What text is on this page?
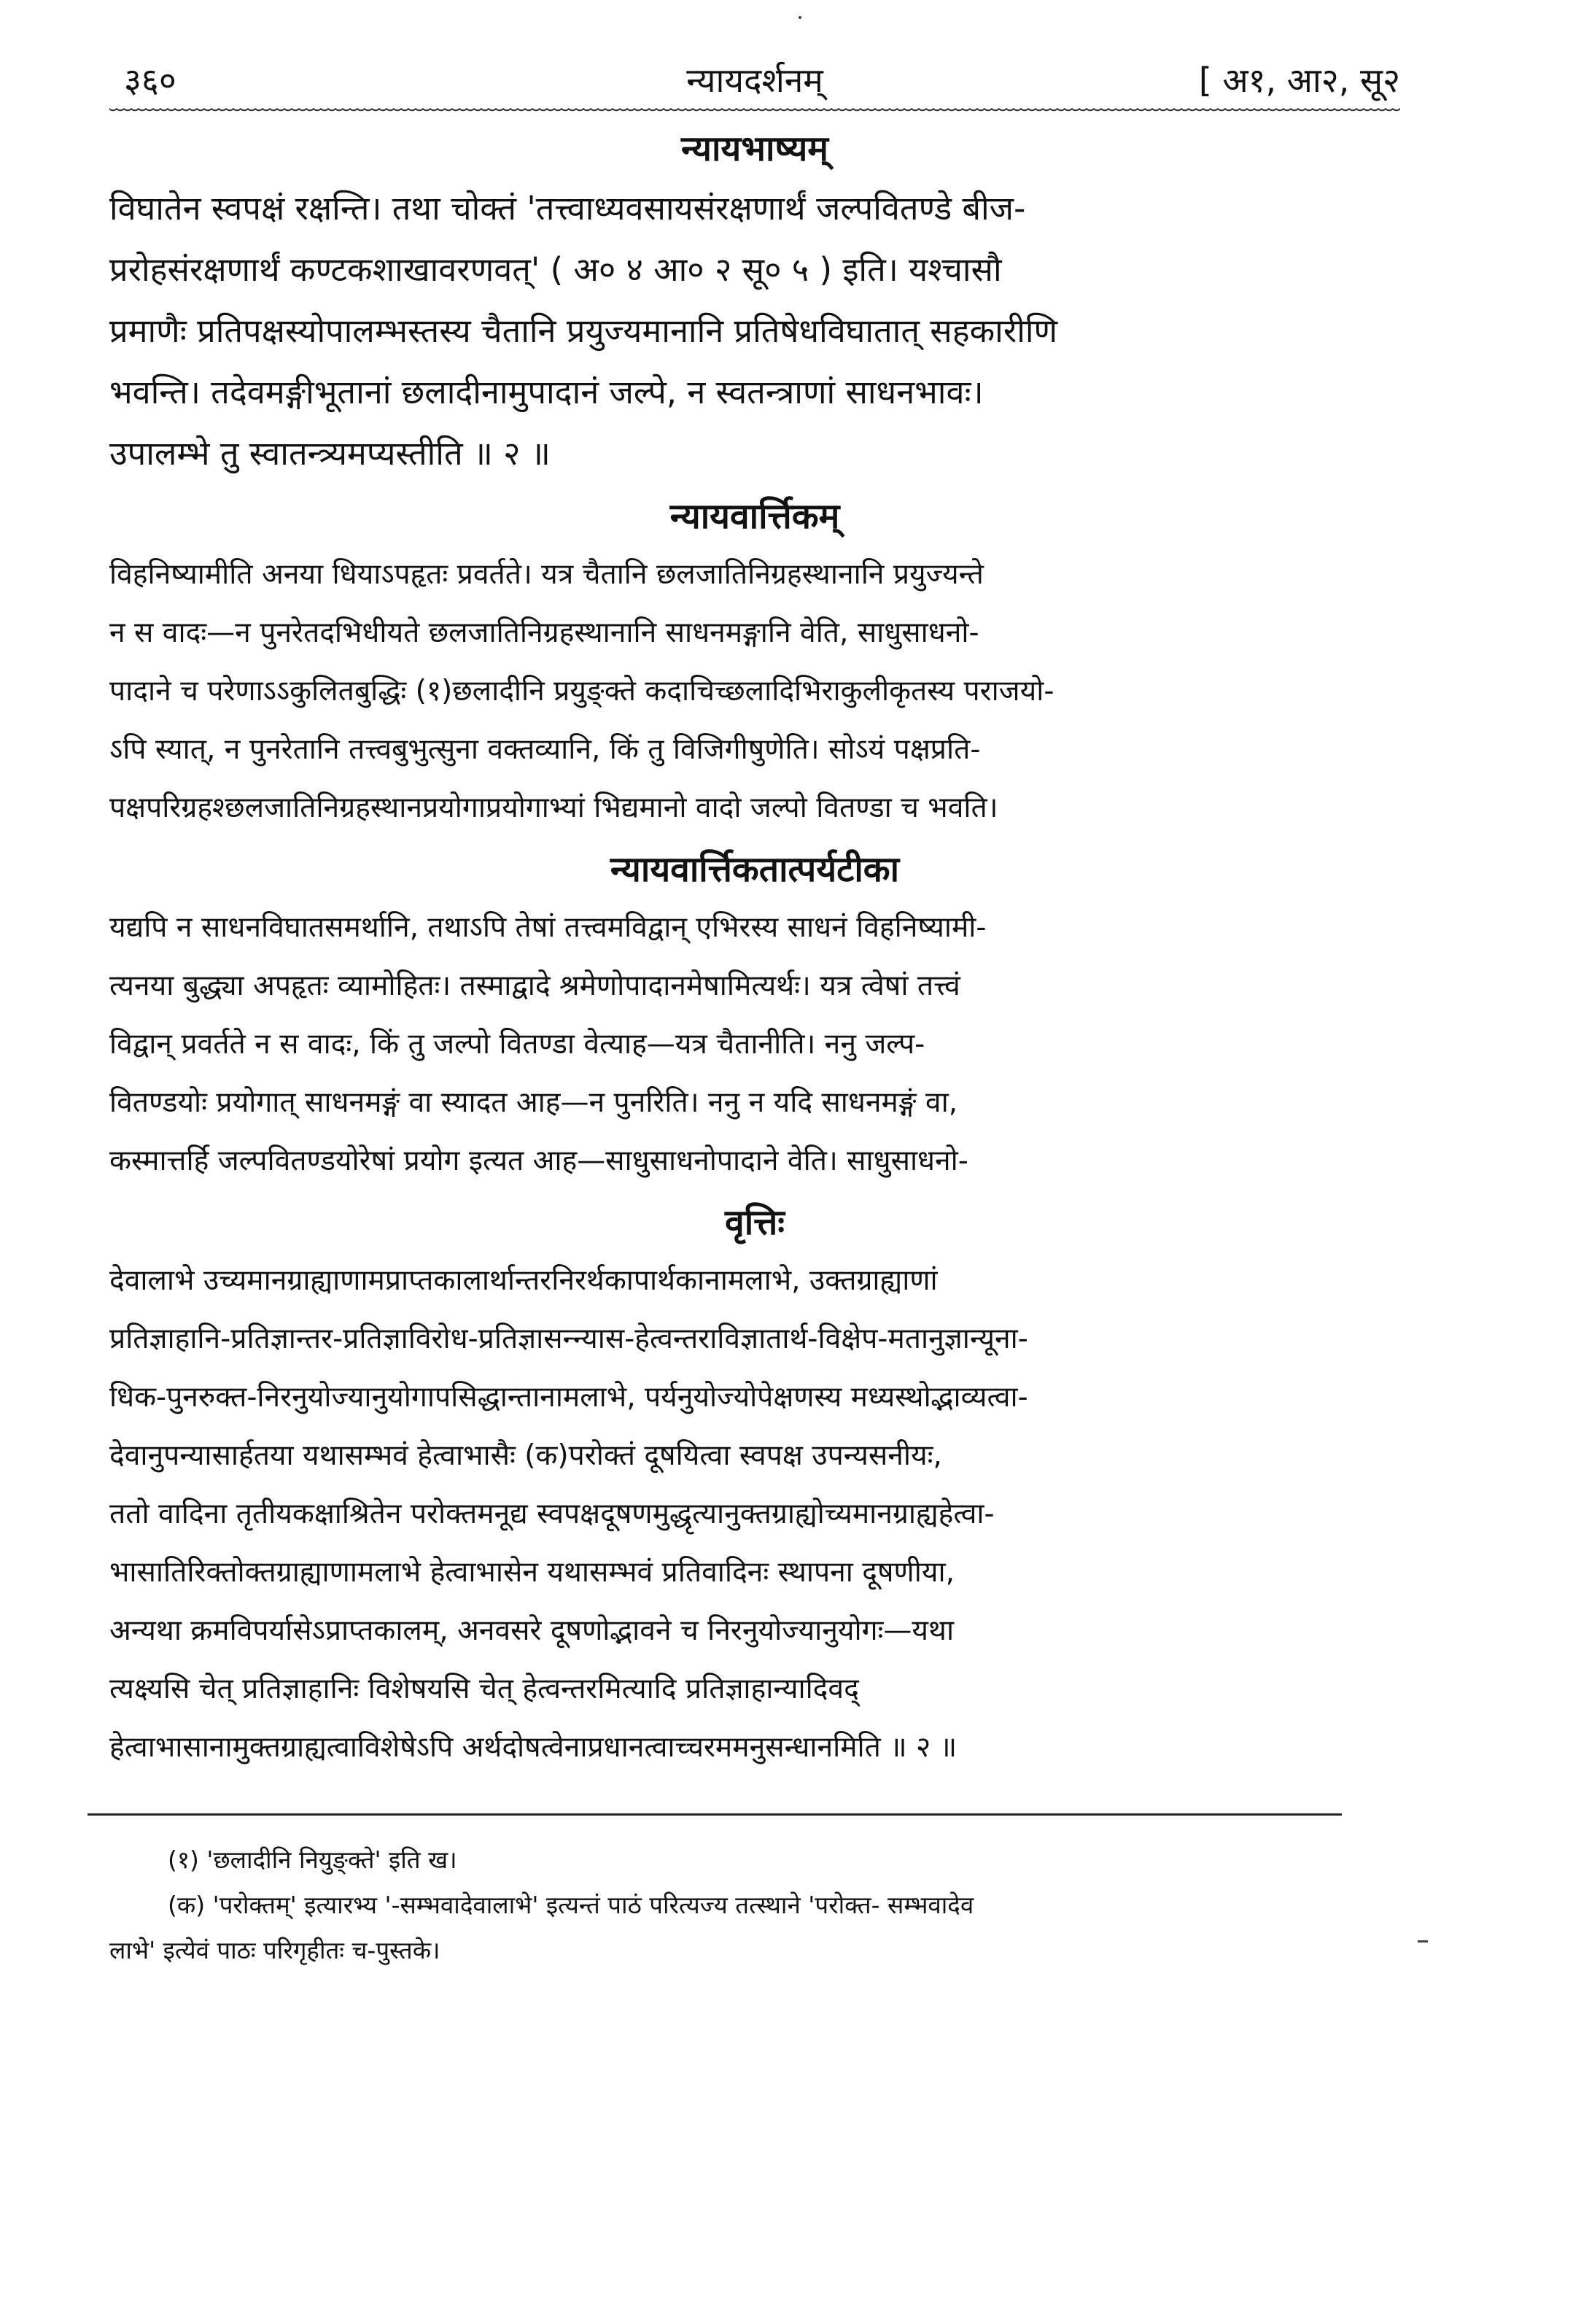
३६०	न्यायदर्शनम्	[ अ१, आ२, सू२
न्यायभाष्यम्
विघातेन स्वपक्षं रक्षन्ति। तथा चोक्तं 'तत्त्वाध्यवसायसंरक्षणार्थं जल्पवितण्डे बीज-
प्ररोहसंरक्षणार्थं कण्टकशाखावरणवत्' ( अ० ४ आ० २ सू० ५ ) इति। यश्चासौ
प्रमाणैः प्रतिपक्षस्योपालम्भस्तस्य चैतानि प्रयुज्यमानानि प्रतिषेधविघातात् सहकारीणि
भवन्ति। तदेवमङ्गीभूतानां छलादीनामुपादानं जल्पे, न स्वतन्त्राणां साधनभावः।
उपालम्भे तु स्वातन्त्र्यमप्यस्तीति ॥ २ ॥
न्यायवार्त्तिकम्
विहनिष्यामीति अनया धियाऽपहृतः प्रवर्तते। यत्र चैतानि छलजातिनिग्रहस्थानानि प्रयुज्यन्ते
न स वादः—न पुनरेतदभिधीयते छलजातिनिग्रहस्थानानि साधनमङ्गानि वेति, साधुसाधनो-
पादाने च परेणाऽऽकुलितबुद्धिः (१)छलादीनि प्रयुङ्क्ते कदाचिच्छलादिभिराकुलीकृतस्य पराजयो-
ऽपि स्यात्, न पुनरेतानि तत्त्वबुभुत्सुना वक्तव्यानि, किं तु विजिगीषुणेति। सोऽयं पक्षप्रति-
पक्षपरिग्रहश्छलजातिनिग्रहस्थानप्रयोगाप्रयोगाभ्यां भिद्यमानो वादो जल्पो वितण्डा च भवति।
न्यायवार्त्तिकतात्पर्यटीका
यद्यपि न साधनविघातसमर्थानि, तथाऽपि तेषां तत्त्वमविद्वान् एभिरस्य साधनं विहनिष्यामी-
त्यनया बुद्ध्या अपहृतः व्यामोहितः। तस्माद्वादे श्रमेणोपादानमेषामित्यर्थः। यत्र त्वेषां तत्त्वं
विद्वान् प्रवर्तते न स वादः, किं तु जल्पो वितण्डा वेत्याह—यत्र चैतानीति। ननु जल्प-
वितण्डयोः प्रयोगात् साधनमङ्गं वा स्यादत आह—न पुनरिति। ननु न यदि साधनमङ्गं वा,
कस्मात्तर्हि जल्पवितण्डयोरेषां प्रयोग इत्यत आह—साधुसाधनोपादाने वेति। साधुसाधनो-
वृत्तिः
देवालाभे उच्यमानग्राह्याणामप्राप्तकालार्थान्तरनिरर्थकापार्थकानामलाभे, उक्तग्राह्याणां
प्रतिज्ञाहानि-प्रतिज्ञान्तर-प्रतिज्ञाविरोध-प्रतिज्ञासन्न्यास-हेत्वन्तराविज्ञातार्थ-विक्षेप-मतानुज्ञान्यूना-
धिक-पुनरुक्त-निरनुयोज्यानुयोगापसिद्धान्तानामलाभे, पर्यनुयोज्योपेक्षणस्य मध्यस्थोद्भाव्यत्वा-
देवानुपन्यासार्हतया यथासम्भवं हेत्वाभासैः (क)परोक्तं दूषयित्वा स्वपक्ष उपन्यसनीयः,
ततो वादिना तृतीयकक्षाश्रितेन परोक्तमनूद्य स्वपक्षदूषणमुद्धृत्यानुक्तग्राह्योच्यमानग्राह्यहेत्वा-
भासातिरिक्तोक्तग्राह्याणामलाभे हेत्वाभासेन यथासम्भवं प्रतिवादिनः स्थापना दूषणीया,
अन्यथा क्रमविपर्यासेऽप्राप्तकालम्, अनवसरे दूषणोद्भावने च निरनुयोज्यानुयोगः—यथा
त्यक्ष्यसि चेत् प्रतिज्ञाहानिः विशेषयसि चेत् हेत्वन्तरमित्यादि प्रतिज्ञाहान्यादिवद्
हेत्वाभासानामुक्तग्राह्यत्वाविशेषेऽपि अर्थदोषत्वेनाप्रधानत्वाच्चरममनुसन्धानमिति ॥ २ ॥
(१) 'छलादीनि नियुङ्क्ते' इति ख।
(क) 'परोक्तम्' इत्यारभ्य '-सम्भवादेवालाभे' इत्यन्तं पाठं परित्यज्य तत्स्थाने 'परोक्त- सम्भवादेव
लाभे' इत्येवं पाठः परिगृहीतः च-पुस्तके।
